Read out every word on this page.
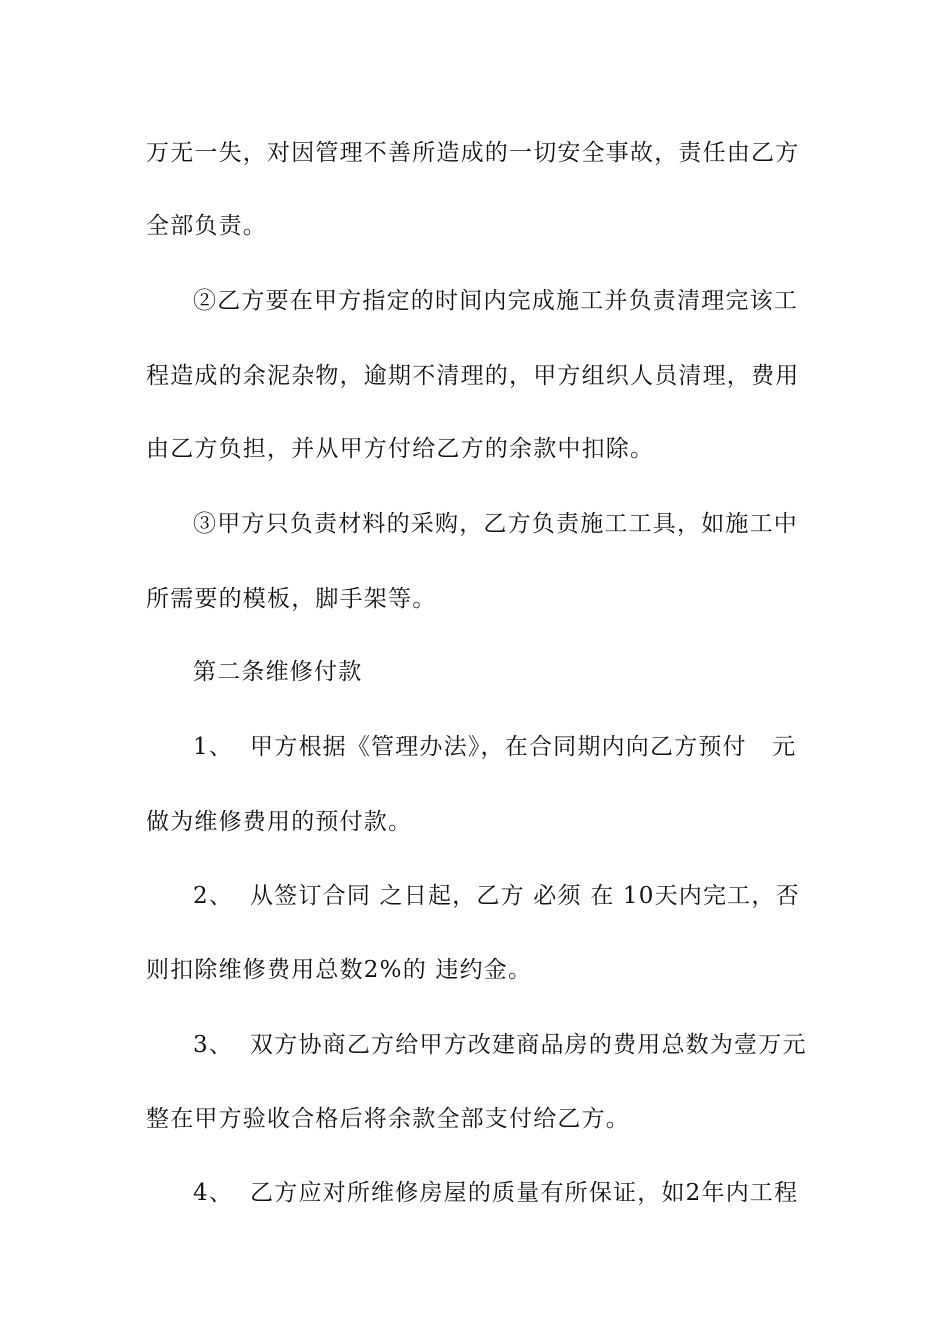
万无一失，对因管理不善所造成的一切安全事故，责任由乙方
全部负责。
②乙方要在甲方指定的时间内完成施工并负责清理完该工
程造成的余泥杂物，逾期不清理的，甲方组织人员清理，费用
由乙方负担，并从甲方付给乙方的余款中扣除。
③甲方只负责材料的采购，乙方负责施工工具，如施工中
所需要的模板，脚手架等。
第二条维修付款
1、  甲方根据《管理办法》，在合同期内向乙方预付   元
做为维修费用的预付款。
2、  从签订合同 之日起，乙方 必须 在 10天内完工，否
则扣除维修费用总数2%的 违约金。
3、  双方协商乙方给甲方改建商品房的费用总数为壹万元
整在甲方验收合格后将余款全部支付给乙方。
4、  乙方应对所维修房屋的质量有所保证，如2年内工程
